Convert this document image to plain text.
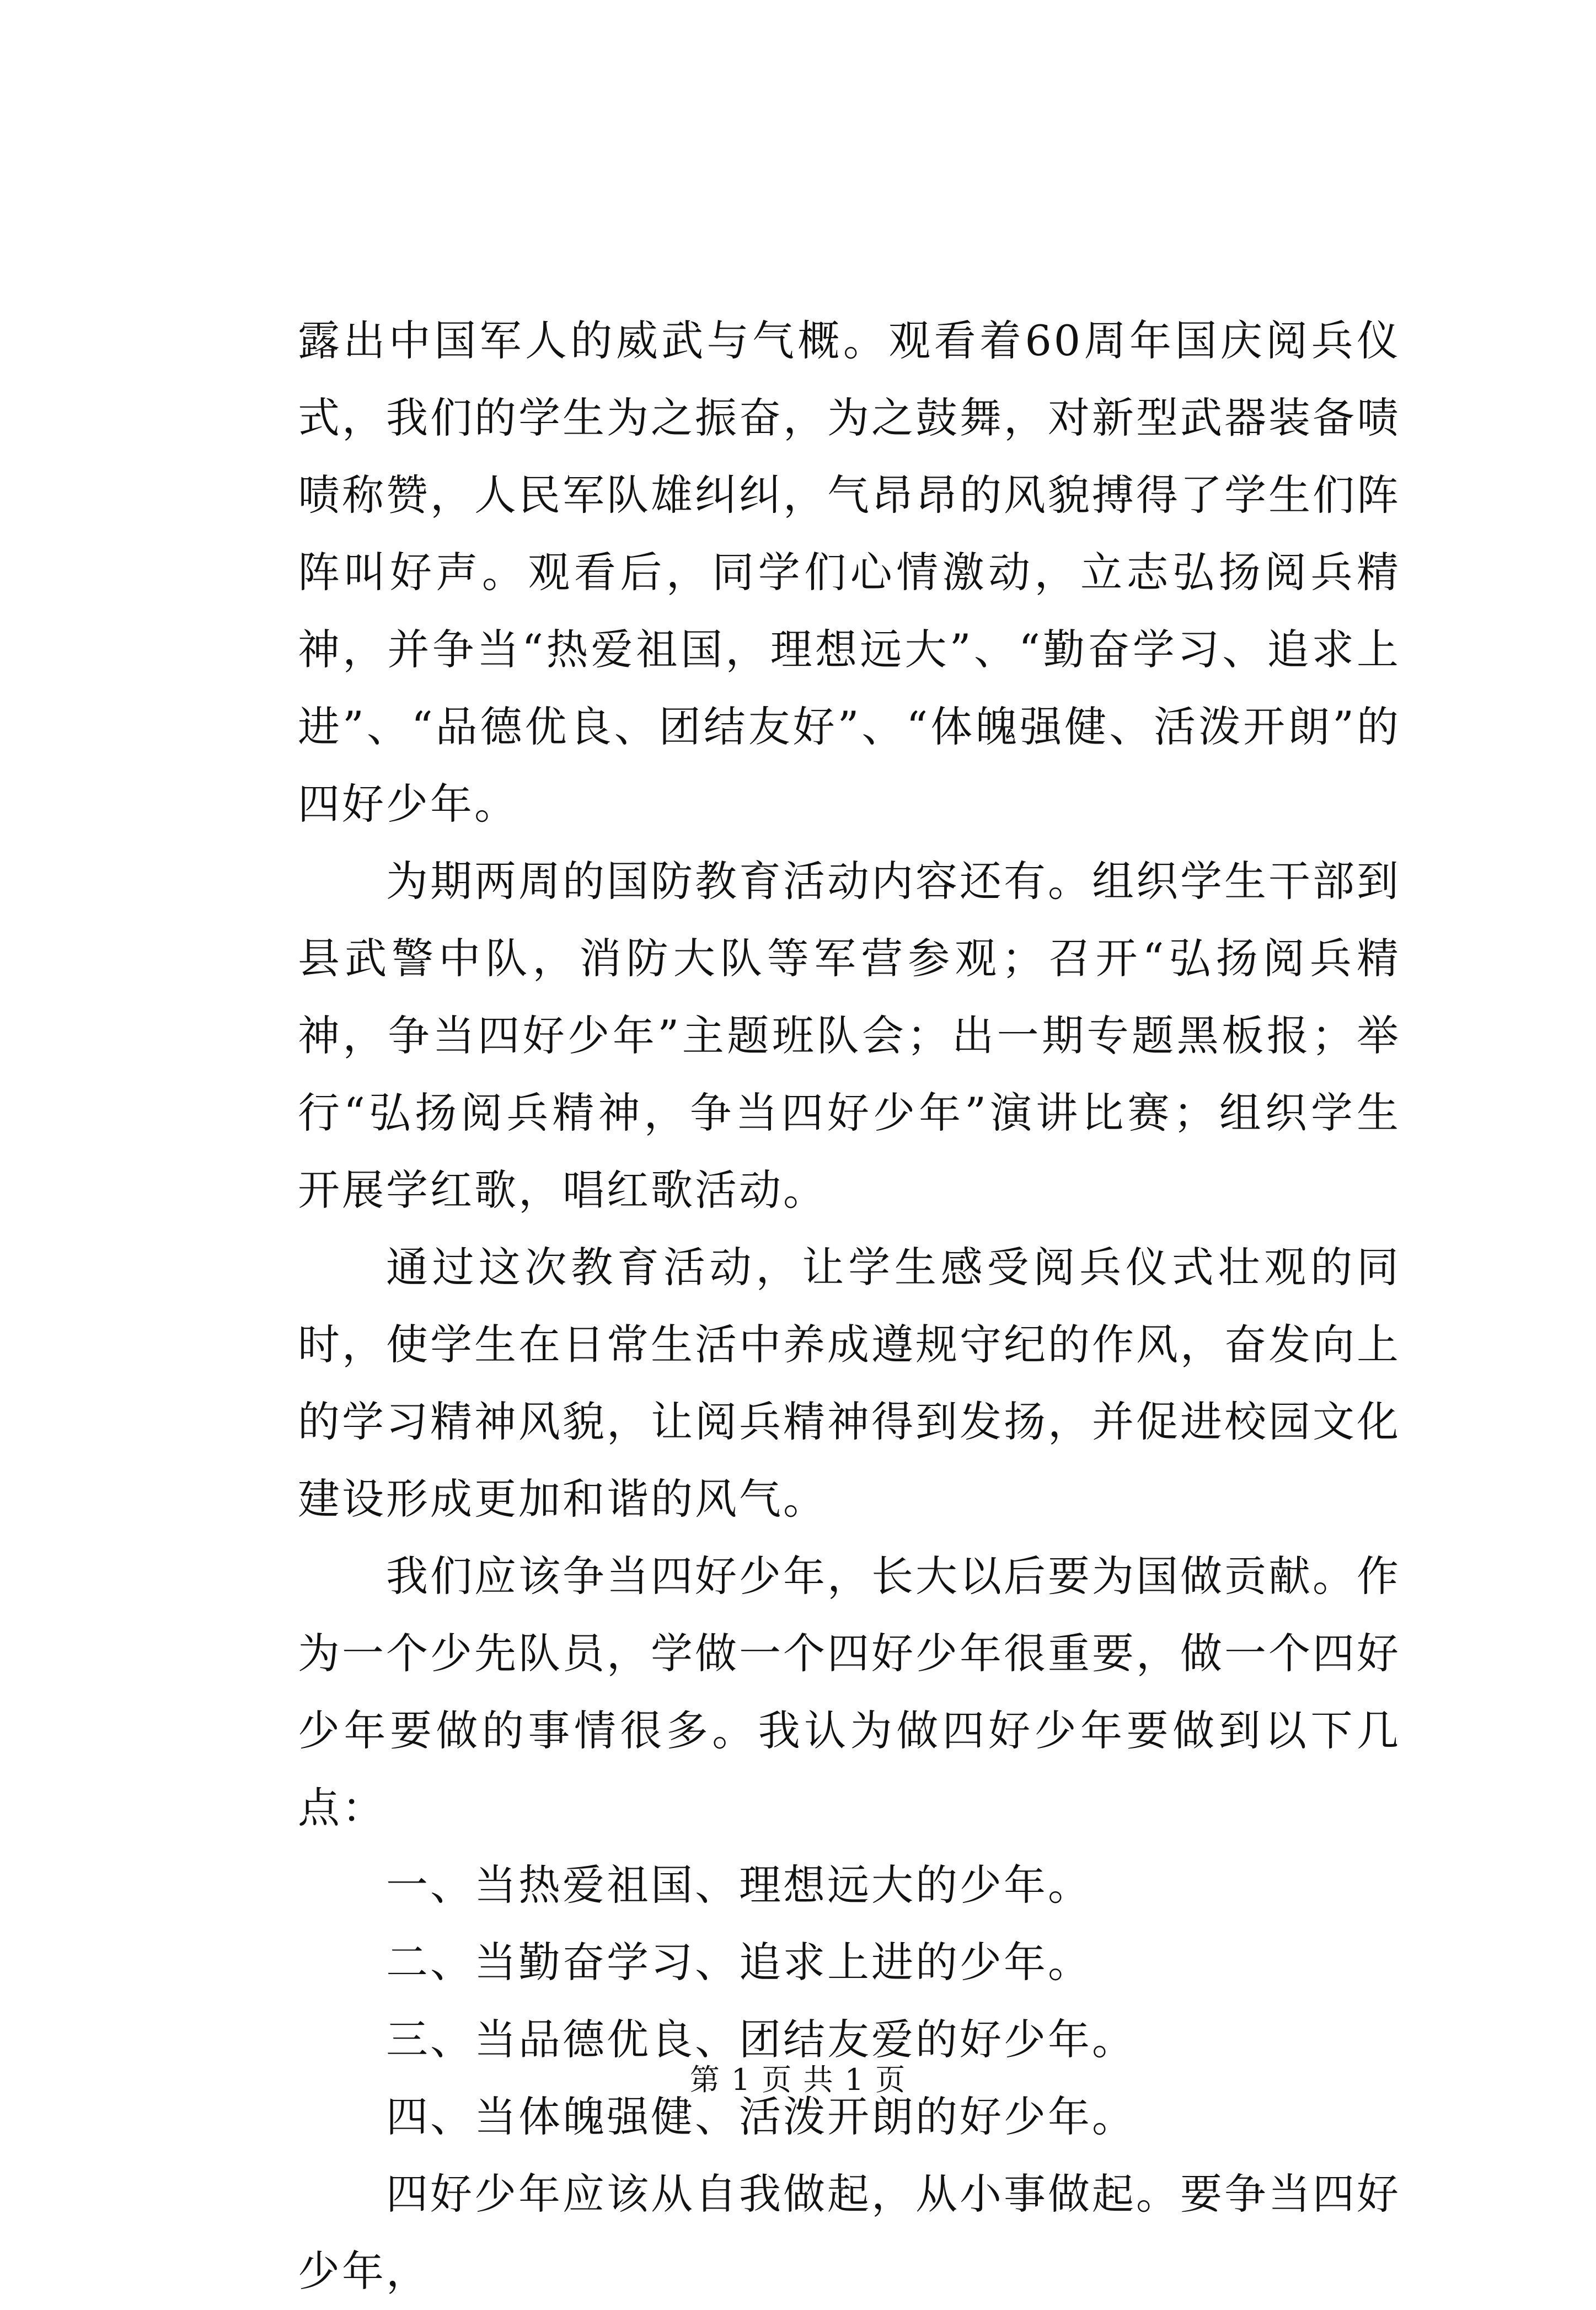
露出中国军人的威武与气概。观看着60周年国庆阅兵仪式，我们的学生为之振奋，为之鼓舞，对新型武器装备啧啧称赞，人民军队雄纠纠，气昂昂的风貌搏得了学生们阵阵叫好声。观看后，同学们心情激动，立志弘扬阅兵精神，并争当“热爱祖国，理想远大”、“勤奋学习、追求上进”、“品德优良、团结友好”、“体魄强健、活泼开朗”的四好少年。

为期两周的国防教育活动内容还有。组织学生干部到县武警中队，消防大队等军营参观；召开“弘扬阅兵精神，争当四好少年”主题班队会；出一期专题黑板报；举行“弘扬阅兵精神，争当四好少年”演讲比赛；组织学生开展学红歌，唱红歌活动。

通过这次教育活动，让学生感受阅兵仪式壮观的同时，使学生在日常生活中养成遵规守纪的作风，奋发向上的学习精神风貌，让阅兵精神得到发扬，并促进校园文化建设形成更加和谐的风气。

我们应该争当四好少年，长大以后要为国做贡献。作为一个少先队员，学做一个四好少年很重要，做一个四好少年要做的事情很多。我认为做四好少年要做到以下几点：

一、当热爱祖国、理想远大的少年。

二、当勤奋学习、追求上进的少年。

三、当品德优良、团结友爱的好少年。

四、当体魄强健、活泼开朗的好少年。

四好少年应该从自我做起，从小事做起。要争当四好少年，

第 1 页 共 1 页
